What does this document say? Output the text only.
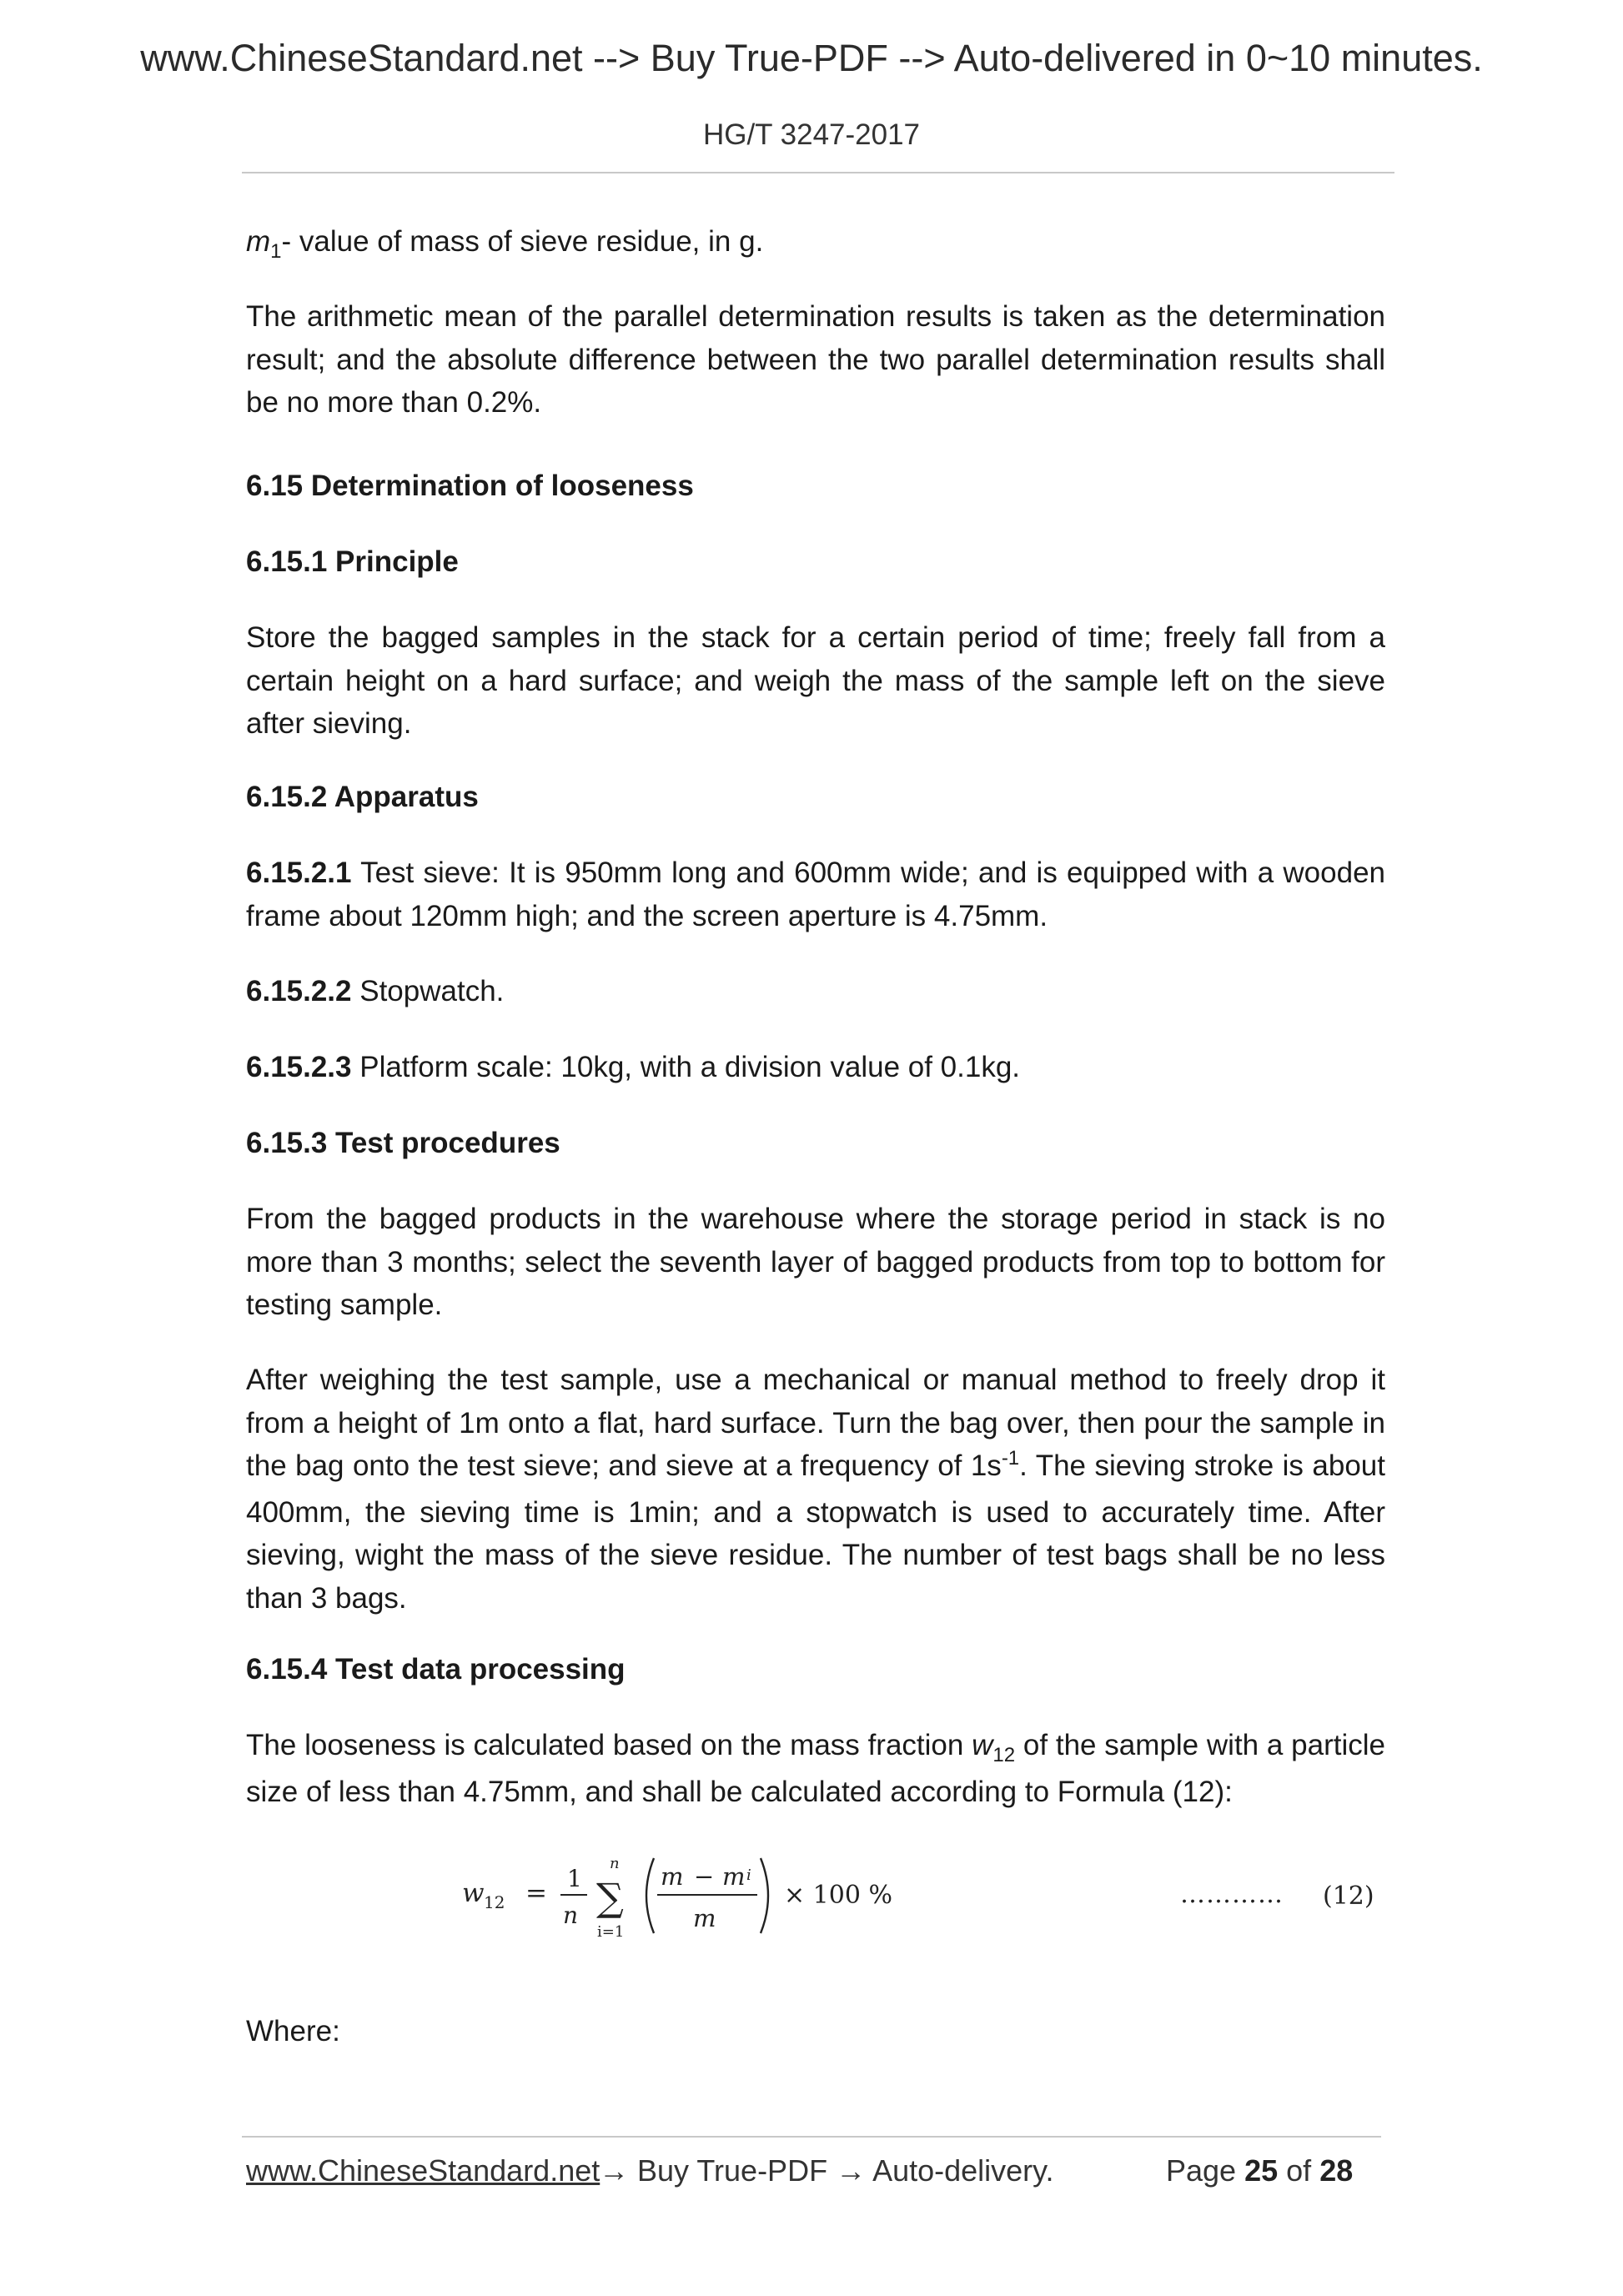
www.ChineseStandard.net --> Buy True-PDF --> Auto-delivered in 0~10 minutes.
HG/T 3247-2017

$m_1-$ value of mass of sieve residue, in g.

The arithmetic mean of the parallel determination results is taken as the determination result; and the absolute difference between the two parallel determination results shall be no more than 0.2%.

6.15 Determination of looseness
6.15.1 Principle

Store the bagged samples in the stack for a certain period of time; freely fall from a certain height on a hard surface; and weigh the mass of the sample left on the sieve after sieving.

6.15.2 Apparatus

6.15.2.1 Test sieve: It is 950mm long and 600mm wide; and is equipped with a wooden frame about 120mm high; and the screen aperture is 4.75mm.

6.15.2.2 Stopwatch.

6.15.2.3 Platform scale: 10kg, with a division value of 0.1kg.

6.15.3 Test procedures

From the bagged products in the warehouse where the storage period in stack is no more than 3 months; select the seventh layer of bagged products from top to bottom for testing sample.

After weighing the test sample, use a mechanical or manual method to freely drop it from a height of 1m onto a flat, hard surface. Turn the bag over, then pour the sample in the bag onto the test sieve; and sieve at a frequency of $1s^{-1}$. The sieving stroke is about 400mm, the sieving time is 1min; and a stopwatch is used to accurately time. After sieving, wight the mass of the sieve residue. The number of test bags shall be no less than 3 bags.

6.15.4 Test data processing

The looseness is calculated based on the mass fraction $w_{12}$ of the sample with a particle size of less than 4.75mm, and shall be calculated according to Formula (12):

Where:

w 12 = 1
n
n
∑
i=1
m − m i
m
× 100 %	………… (12)
www.ChineseStandard.net
→ Buy True-PDF → Auto-delivery.	Page 25 of 28
